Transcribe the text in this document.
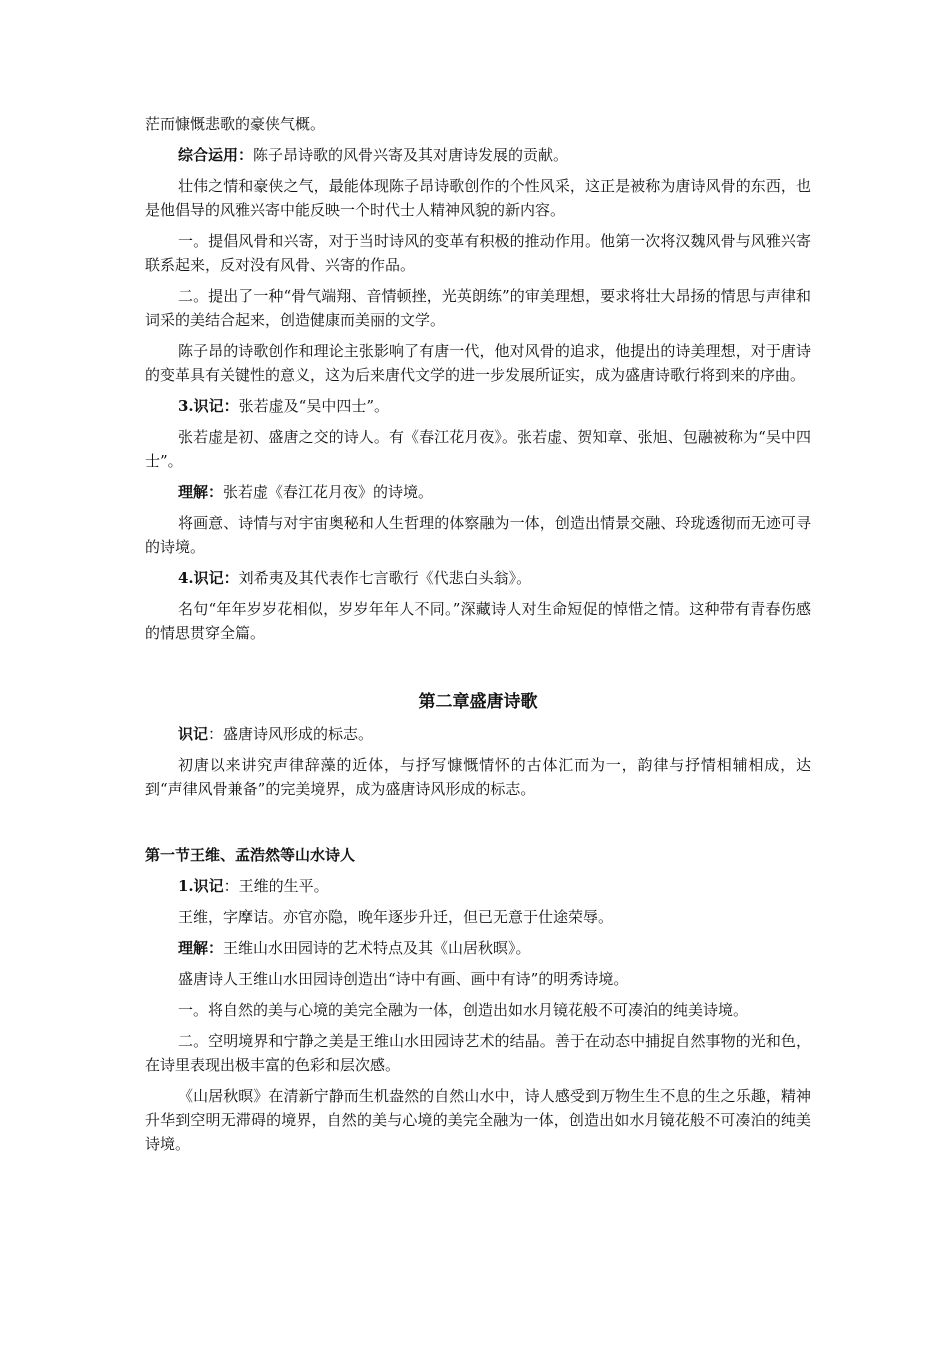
茫而慷慨悲歌的豪侠气概。

综合运用：陈子昂诗歌的风骨兴寄及其对唐诗发展的贡献。

壮伟之情和豪侠之气，最能体现陈子昂诗歌创作的个性风采，这正是被称为唐诗风骨的东西，也是他倡导的风雅兴寄中能反映一个时代士人精神风貌的新内容。

一。提倡风骨和兴寄，对于当时诗风的变革有积极的推动作用。他第一次将汉魏风骨与风雅兴寄联系起来，反对没有风骨、兴寄的作品。

二。提出了一种“骨气端翔、音情顿挫，光英朗练”的审美理想，要求将壮大昂扬的情思与声律和词采的美结合起来，创造健康而美丽的文学。

陈子昂的诗歌创作和理论主张影响了有唐一代，他对风骨的追求，他提出的诗美理想，对于唐诗的变革具有关键性的意义，这为后来唐代文学的进一步发展所证实，成为盛唐诗歌行将到来的序曲。

3.识记：张若虚及“吴中四士”。

张若虚是初、盛唐之交的诗人。有《春江花月夜》。张若虚、贺知章、张旭、包融被称为“吴中四士”。

理解：张若虚《春江花月夜》的诗境。

将画意、诗情与对宇宙奥秘和人生哲理的体察融为一体，创造出情景交融、玲珑透彻而无迹可寻的诗境。

4.识记：刘希夷及其代表作七言歌行《代悲白头翁》。

名句“年年岁岁花相似，岁岁年年人不同。”深藏诗人对生命短促的悼惜之情。这种带有青春伤感的情思贯穿全篇。

第二章盛唐诗歌

识记：盛唐诗风形成的标志。

初唐以来讲究声律辞藻的近体，与抒写慷慨情怀的古体汇而为一，韵律与抒情相辅相成，达到“声律风骨兼备”的完美境界，成为盛唐诗风形成的标志。

第一节王维、孟浩然等山水诗人

1.识记：王维的生平。

王维，字摩诘。亦官亦隐，晚年逐步升迁，但已无意于仕途荣辱。

理解：王维山水田园诗的艺术特点及其《山居秋暝》。

盛唐诗人王维山水田园诗创造出“诗中有画、画中有诗”的明秀诗境。

一。将自然的美与心境的美完全融为一体，创造出如水月镜花般不可凑泊的纯美诗境。

二。空明境界和宁静之美是王维山水田园诗艺术的结晶。善于在动态中捕捉自然事物的光和色，在诗里表现出极丰富的色彩和层次感。

《山居秋暝》在清新宁静而生机盎然的自然山水中，诗人感受到万物生生不息的生之乐趣，精神升华到空明无滞碍的境界，自然的美与心境的美完全融为一体，创造出如水月镜花般不可凑泊的纯美诗境。
